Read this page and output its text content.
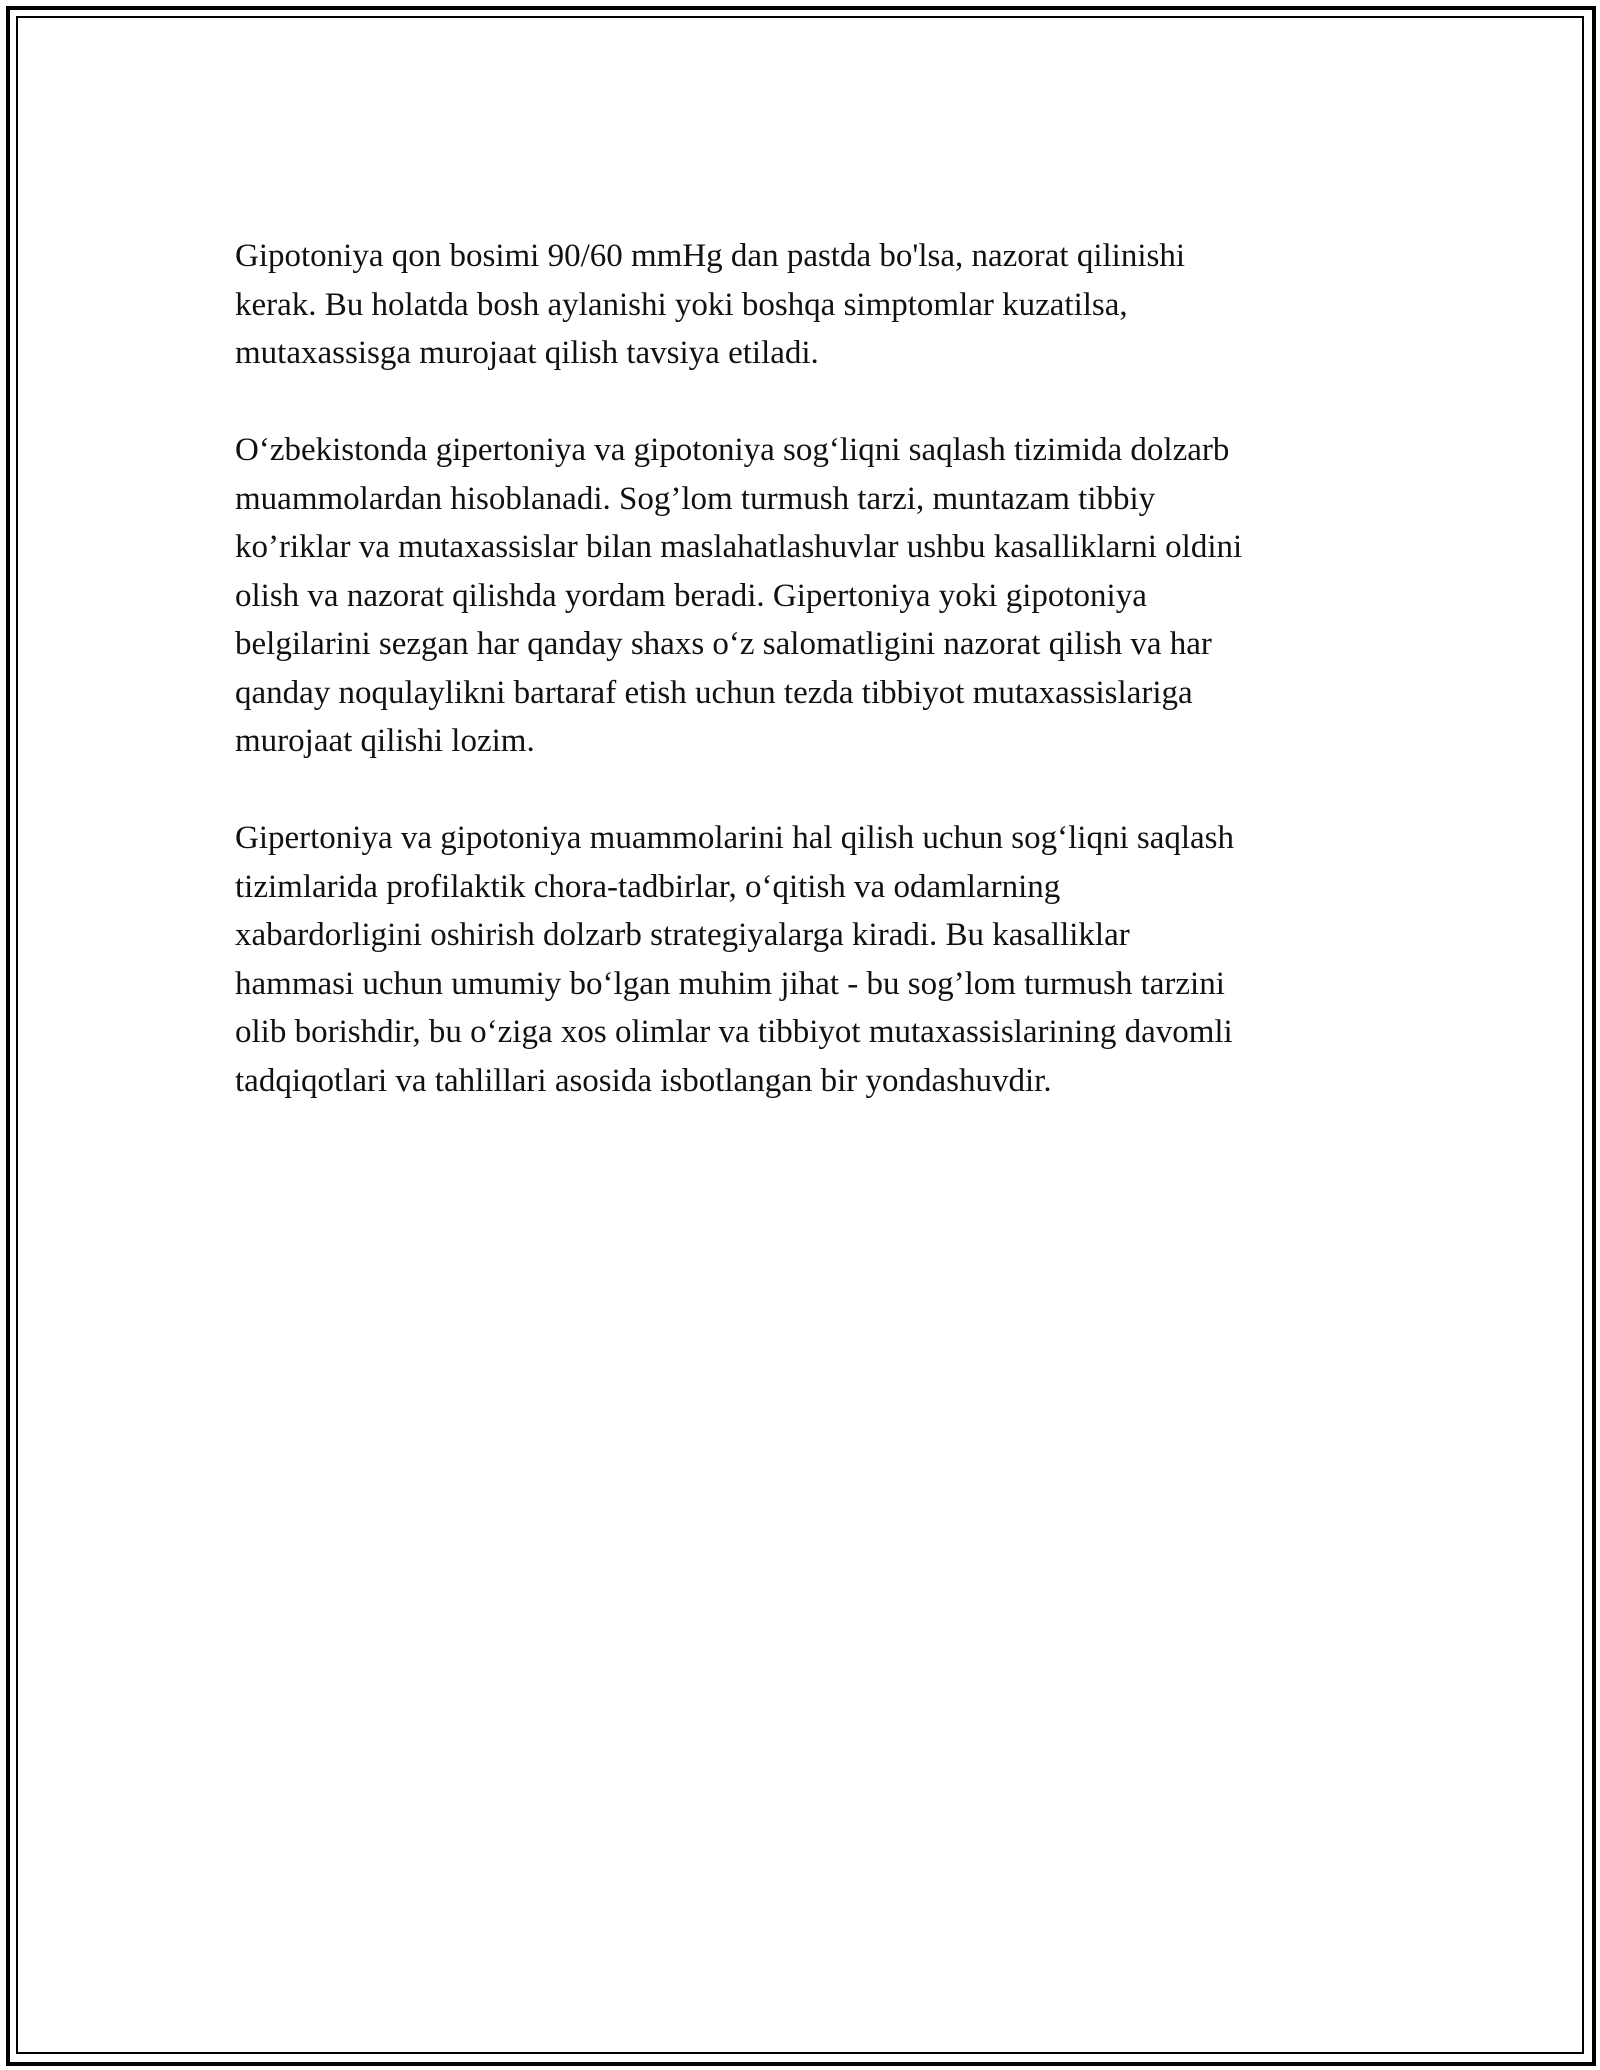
Gipotoniya qon bosimi 90/60 mmHg dan pastda bo'lsa, nazorat qilinishi
kerak. Bu holatda bosh aylanishi yoki boshqa simptomlar kuzatilsa,
mutaxassisga murojaat qilish tavsiya etiladi.

O‘zbekistonda gipertoniya va gipotoniya sog‘liqni saqlash tizimida dolzarb
muammolardan hisoblanadi. Sog’lom turmush tarzi, muntazam tibbiy
ko’riklar va mutaxassislar bilan maslahatlashuvlar ushbu kasalliklarni oldini
olish va nazorat qilishda yordam beradi. Gipertoniya yoki gipotoniya
belgilarini sezgan har qanday shaxs o‘z salomatligini nazorat qilish va har
qanday noqulaylikni bartaraf etish uchun tezda tibbiyot mutaxassislariga
murojaat qilishi lozim.

Gipertoniya va gipotoniya muammolarini hal qilish uchun sog‘liqni saqlash
tizimlarida profilaktik chora-tadbirlar, o‘qitish va odamlarning
xabardorligini oshirish dolzarb strategiyalarga kiradi. Bu kasalliklar
hammasi uchun umumiy bo‘lgan muhim jihat - bu sog’lom turmush tarzini
olib borishdir, bu o‘ziga xos olimlar va tibbiyot mutaxassislarining davomli
tadqiqotlari va tahlillari asosida isbotlangan bir yondashuvdir.
